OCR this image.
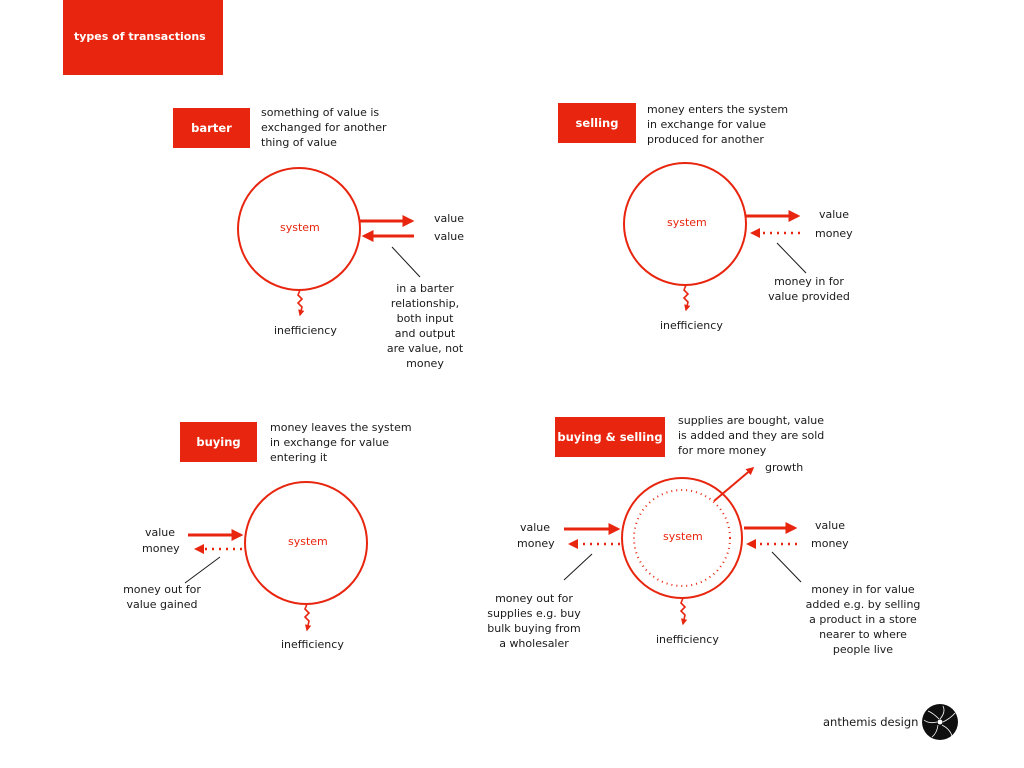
types of transactions
barter
something of value is
exchanged for another
thing of value
system
value
value
in a barter
relationship,
both input
and output
are value, not
money
inefficiency
selling
money enters the system
in exchange for value
produced for another
system
value
money
money in for
value provided
inefficiency
buying
money leaves the system
in exchange for value
entering it
system
value
money
money out for
value gained
inefficiency
buying & selling
supplies are bought, value
is added and they are sold
for more money
growth
system
value
money
value
money
money out for
supplies e.g. buy
bulk buying from
a wholesaler
money in for value
added e.g. by selling
a product in a store
nearer to where
people live
inefficiency
anthemis design
